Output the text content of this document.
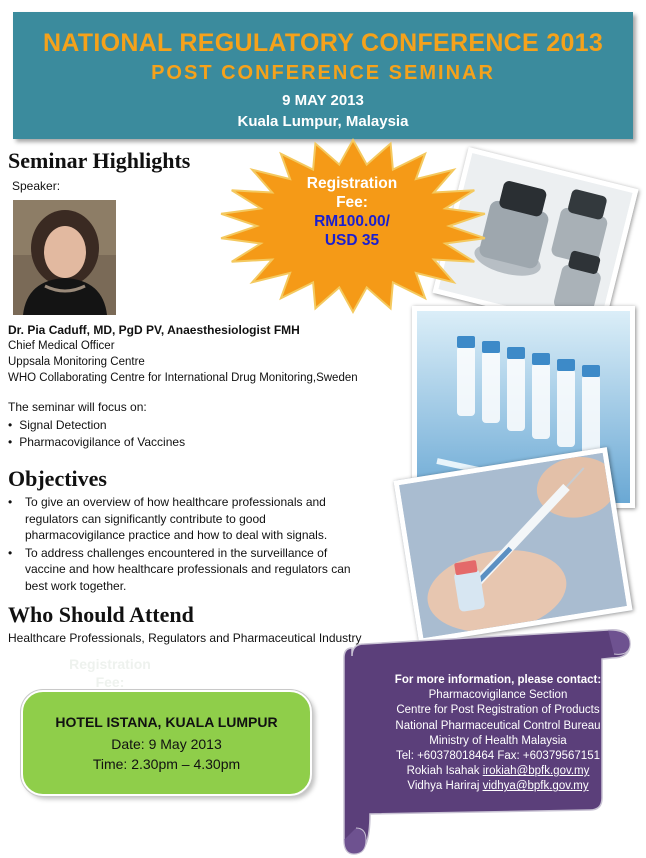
NATIONAL REGULATORY CONFERENCE 2013
POST CONFERENCE SEMINAR
9 MAY 2013
Kuala Lumpur, Malaysia
Registration
Fee:
RM100.00/
USD 35
Seminar Highlights
Speaker:
Dr. Pia Caduff, MD, PgD PV, Anaesthesiologist FMH
Chief Medical Officer
Uppsala Monitoring Centre
WHO Collaborating Centre for International Drug Monitoring,Sweden
The seminar will focus on:
• Signal Detection
• Pharmacovigilance of Vaccines
Objectives
• To give an overview of how healthcare professionals and regulators can significantly contribute to good pharmacovigilance practice and how to deal with signals.
• To address challenges encountered in the surveillance of vaccine and how healthcare professionals and regulators can best work together.
Who Should Attend
Healthcare Professionals, Regulators and Pharmaceutical Industry
Registration
Fee:
HOTEL ISTANA, KUALA LUMPUR
Date: 9 May 2013
Time: 2.30pm – 4.30pm
For more information, please contact:
Pharmacovigilance Section
Centre for Post Registration of Products
National Pharmaceutical Control Bureau
Ministry of Health Malaysia
Tel: +60378018464 Fax: +60379567151
Rokiah Isahak irokiah@bpfk.gov.my
Vidhya Hariraj vidhya@bpfk.gov.my
